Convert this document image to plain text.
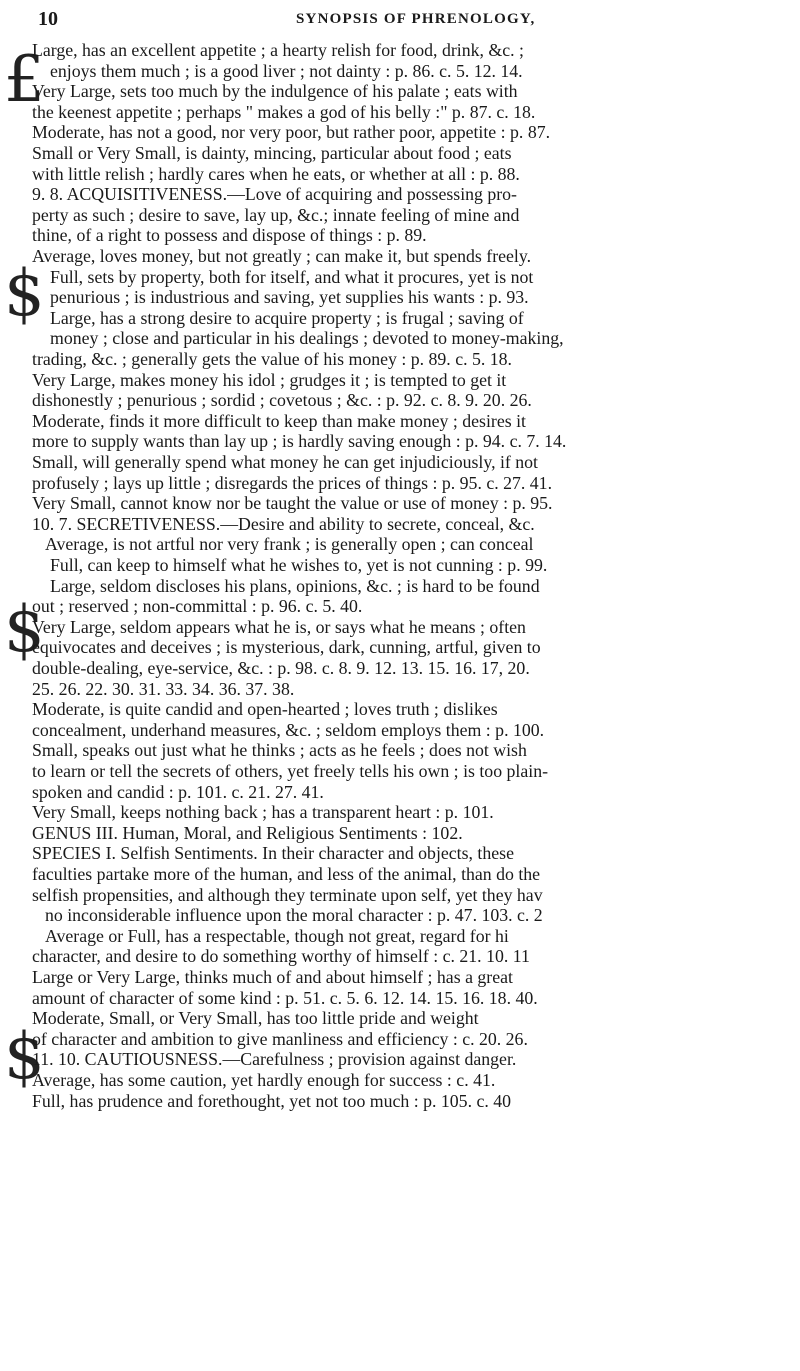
10	SYNOPSIS OF PHRENOLOGY,
£
$
$
$
Large, has an excellent appetite ; a hearty relish for food, drink, &c. ;
enjoys them much ; is a good liver ; not dainty : p. 86. c. 5. 12. 14.
Very Large, sets too much by the indulgence of his palate ; eats with
the keenest appetite ; perhaps " makes a god of his belly :" p. 87. c. 18.
Moderate, has not a good, nor very poor, but rather poor, appetite : p. 87.
Small or Very Small, is dainty, mincing, particular about food ; eats
with little relish ; hardly cares when he eats, or whether at all : p. 88.
9. 8. ACQUISITIVENESS.—Love of acquiring and possessing pro-
perty as such ; desire to save, lay up, &c.; innate feeling of mine and
thine, of a right to possess and dispose of things : p. 89.
Average, loves money, but not greatly ; can make it, but spends freely.
Full, sets by property, both for itself, and what it procures, yet is not
penurious ; is industrious and saving, yet supplies his wants : p. 93.
Large, has a strong desire to acquire property ; is frugal ; saving of
money ; close and particular in his dealings ; devoted to money-making,
trading, &c. ; generally gets the value of his money : p. 89. c. 5. 18.
Very Large, makes money his idol ; grudges it ; is tempted to get it
dishonestly ; penurious ; sordid ; covetous ; &c. : p. 92. c. 8. 9. 20. 26.
Moderate, finds it more difficult to keep than make money ; desires it
more to supply wants than lay up ; is hardly saving enough : p. 94. c. 7. 14.
Small, will generally spend what money he can get injudiciously, if not
profusely ; lays up little ; disregards the prices of things : p. 95. c. 27. 41.
Very Small, cannot know nor be taught the value or use of money : p. 95.
10. 7. SECRETIVENESS.—Desire and ability to secrete, conceal, &c.
Average, is not artful nor very frank ; is generally open ; can conceal
Full, can keep to himself what he wishes to, yet is not cunning : p. 99.
Large, seldom discloses his plans, opinions, &c. ; is hard to be found
out ; reserved ; non-committal : p. 96. c. 5. 40.
Very Large, seldom appears what he is, or says what he means ; often
equivocates and deceives ; is mysterious, dark, cunning, artful, given to
double-dealing, eye-service, &c. : p. 98. c. 8. 9. 12. 13. 15. 16. 17, 20.
25. 26. 22. 30. 31. 33. 34. 36. 37. 38.
Moderate, is quite candid and open-hearted ; loves truth ; dislikes
concealment, underhand measures, &c. ; seldom employs them : p. 100.
Small, speaks out just what he thinks ; acts as he feels ; does not wish
to learn or tell the secrets of others, yet freely tells his own ; is too plain-
spoken and candid : p. 101. c. 21. 27. 41.
Very Small, keeps nothing back ; has a transparent heart : p. 101.
GENUS III. Human, Moral, and Religious Sentiments : 102.
SPECIES I. Selfish Sentiments. In their character and objects, these
faculties partake more of the human, and less of the animal, than do the
selfish propensities, and although they terminate upon self, yet they hav
no inconsiderable influence upon the moral character : p. 47. 103. c. 2
Average or Full, has a respectable, though not great, regard for hi
character, and desire to do something worthy of himself : c. 21. 10. 11
Large or Very Large, thinks much of and about himself ; has a great
amount of character of some kind : p. 51. c. 5. 6. 12. 14. 15. 16. 18. 40.
Moderate, Small, or Very Small, has too little pride and weight
of character and ambition to give manliness and efficiency : c. 20. 26.
11. 10. CAUTIOUSNESS.—Carefulness ; provision against danger.
Average, has some caution, yet hardly enough for success : c. 41.
Full, has prudence and forethought, yet not too much : p. 105. c. 40
